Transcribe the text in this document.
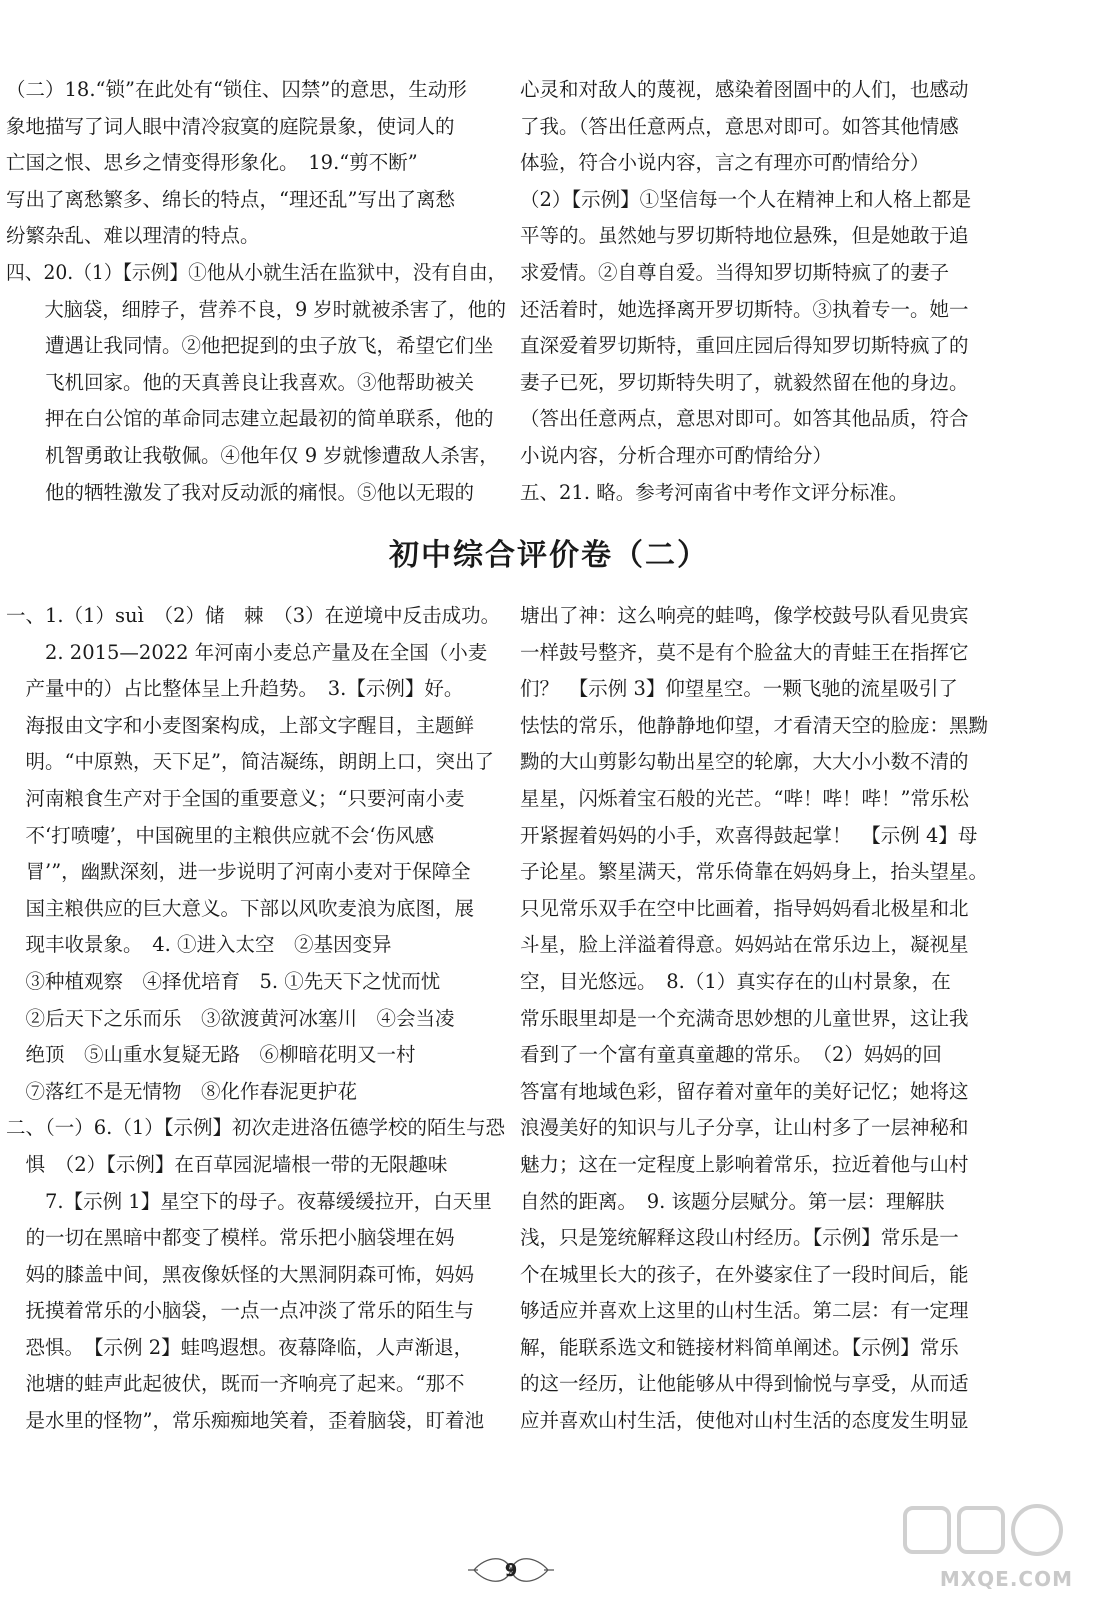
（二）18.“锁”在此处有“锁住、囚禁”的意思，生动形

象地描写了词人眼中清冷寂寞的庭院景象，使词人的

亡国之恨、思乡之情变得形象化。　19.“剪不断”

写出了离愁繁多、绵长的特点，“理还乱”写出了离愁

纷繁杂乱、难以理清的特点。

四、20.（1）【示例】①他从小就生活在监狱中，没有自由，

　　大脑袋，细脖子，营养不良，9 岁时就被杀害了，他的

　　遭遇让我同情。②他把捉到的虫子放飞，希望它们坐

　　飞机回家。他的天真善良让我喜欢。③他帮助被关

　　押在白公馆的革命同志建立起最初的简单联系，他的

　　机智勇敢让我敬佩。④他年仅 9 岁就惨遭敌人杀害，

　　他的牺牲激发了我对反动派的痛恨。⑤他以无瑕的

心灵和对敌人的蔑视，感染着囹圄中的人们，也感动

了我。（答出任意两点，意思对即可。如答其他情感

体验，符合小说内容，言之有理亦可酌情给分）

（2）【示例】①坚信每一个人在精神上和人格上都是

平等的。虽然她与罗切斯特地位悬殊，但是她敢于追

求爱情。②自尊自爱。当得知罗切斯特疯了的妻子

还活着时，她选择离开罗切斯特。③执着专一。她一

直深爱着罗切斯特，重回庄园后得知罗切斯特疯了的

妻子已死，罗切斯特失明了，就毅然留在他的身边。

（答出任意两点，意思对即可。如答其他品质，符合

小说内容，分析合理亦可酌情给分）

五、21. 略。参考河南省中考作文评分标准。

初中综合评价卷（二）

一、1.（1）suì　（2）储　棘　（3）在逆境中反击成功。

　　2. 2015—2022 年河南小麦总产量及在全国（小麦

　产量中的）占比整体呈上升趋势。　3.【示例】好。

　海报由文字和小麦图案构成，上部文字醒目，主题鲜

　明。“中原熟，天下足”，简洁凝练，朗朗上口，突出了

　河南粮食生产对于全国的重要意义；“只要河南小麦

　不‘打喷嚏’，中国碗里的主粮供应就不会‘伤风感

　冒’”，幽默深刻，进一步说明了河南小麦对于保障全

　国主粮供应的巨大意义。下部以风吹麦浪为底图，展

　现丰收景象。　4. ①进入太空　②基因变异

　③种植观察　④择优培育　5. ①先天下之忧而忧

　②后天下之乐而乐　③欲渡黄河冰塞川　④会当凌

　绝顶　⑤山重水复疑无路　⑥柳暗花明又一村

　⑦落红不是无情物　⑧化作春泥更护花

二、（一）6.（1）【示例】初次走进洛伍德学校的陌生与恐

　惧　（2）【示例】在百草园泥墙根一带的无限趣味

　　7.【示例 1】星空下的母子。夜幕缓缓拉开，白天里

　的一切在黑暗中都变了模样。常乐把小脑袋埋在妈

　妈的膝盖中间，黑夜像妖怪的大黑洞阴森可怖，妈妈

　抚摸着常乐的小脑袋，一点一点冲淡了常乐的陌生与

　恐惧。　【示例 2】蛙鸣遐想。夜幕降临，人声渐退，

　池塘的蛙声此起彼伏，既而一齐响亮了起来。“那不

　是水里的怪物”，常乐痴痴地笑着，歪着脑袋，盯着池

塘出了神：这么响亮的蛙鸣，像学校鼓号队看见贵宾

一样鼓号整齐，莫不是有个脸盆大的青蛙王在指挥它

们？　【示例 3】仰望星空。一颗飞驰的流星吸引了

怯怯的常乐，他静静地仰望，才看清天空的脸庞：黑黝

黝的大山剪影勾勒出星空的轮廓，大大小小数不清的

星星，闪烁着宝石般的光芒。“哔！哔！哔！”常乐松

开紧握着妈妈的小手，欢喜得鼓起掌！　【示例 4】母

子论星。繁星满天，常乐倚靠在妈妈身上，抬头望星。

只见常乐双手在空中比画着，指导妈妈看北极星和北

斗星，脸上洋溢着得意。妈妈站在常乐边上，凝视星

空，目光悠远。　8.（1）真实存在的山村景象，在

常乐眼里却是一个充满奇思妙想的儿童世界，这让我

看到了一个富有童真童趣的常乐。　（2）妈妈的回

答富有地域色彩，留存着对童年的美好记忆；她将这

浪漫美好的知识与儿子分享，让山村多了一层神秘和

魅力；这在一定程度上影响着常乐，拉近着他与山村

自然的距离。　9. 该题分层赋分。第一层：理解肤

浅，只是笼统解释这段山村经历。【示例】常乐是一

个在城里长大的孩子，在外婆家住了一段时间后，能

够适应并喜欢上这里的山村生活。第二层：有一定理

解，能联系选文和链接材料简单阐述。【示例】常乐

的这一经历，让他能够从中得到愉悦与享受，从而适

应并喜欢山村生活，使他对山村生活的态度发生明显

9	MXQE.COM
